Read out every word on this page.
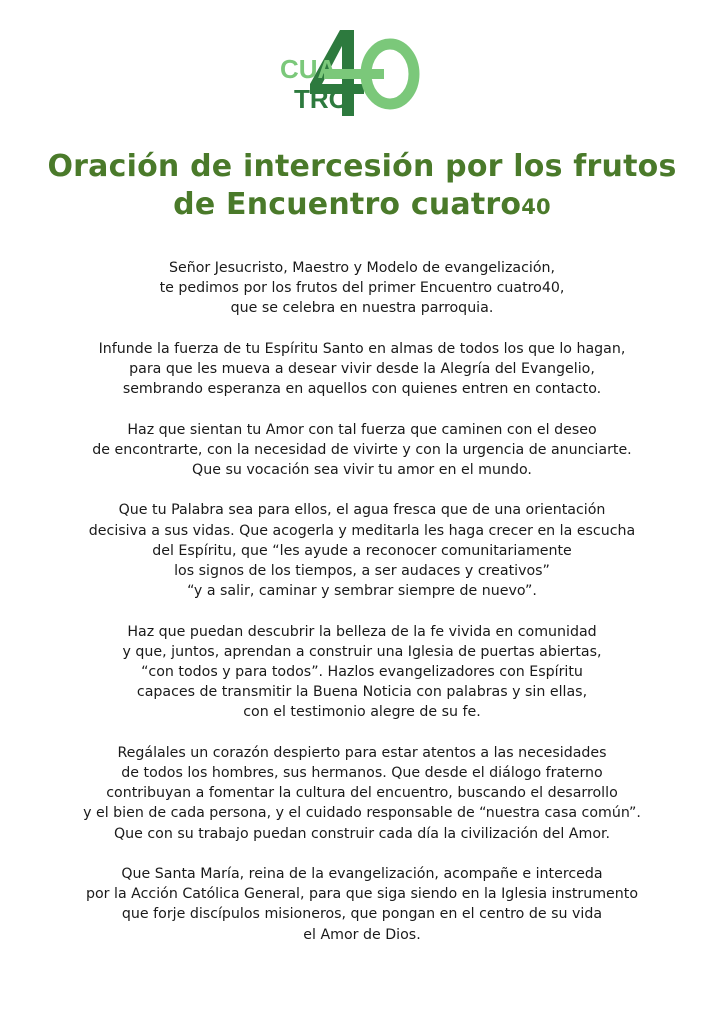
CUA
TRO
Oración de intercesión por los frutos
de Encuentro cuatro40
Señor Jesucristo, Maestro y Modelo de evangelización,
te pedimos por los frutos del primer Encuentro cuatro40,
que se celebra en nuestra parroquia.
Infunde la fuerza de tu Espíritu Santo en almas de todos los que lo hagan,
para que les mueva a desear vivir desde la Alegría del Evangelio,
sembrando esperanza en aquellos con quienes entren en contacto.
Haz que sientan tu Amor con tal fuerza que caminen con el deseo
de encontrarte, con la necesidad de vivirte y con la urgencia de anunciarte.
Que su vocación sea vivir tu amor en el mundo.
Que tu Palabra sea para ellos, el agua fresca que de una orientación
decisiva a sus vidas. Que acogerla y meditarla les haga crecer en la escucha
del Espíritu, que “les ayude a reconocer comunitariamente
los signos de los tiempos, a ser audaces y creativos”
“y a salir, caminar y sembrar siempre de nuevo”.
Haz que puedan descubrir la belleza de la fe vivida en comunidad
y que, juntos, aprendan a construir una Iglesia de puertas abiertas,
“con todos y para todos”. Hazlos evangelizadores con Espíritu
capaces de transmitir la Buena Noticia con palabras y sin ellas,
con el testimonio alegre de su fe.
Regálales un corazón despierto para estar atentos a las necesidades
de todos los hombres, sus hermanos. Que desde el diálogo fraterno
contribuyan a fomentar la cultura del encuentro, buscando el desarrollo
y el bien de cada persona, y el cuidado responsable de “nuestra casa común”.
Que con su trabajo puedan construir cada día la civilización del Amor.
Que Santa María, reina de la evangelización, acompañe e interceda
por la Acción Católica General, para que siga siendo en la Iglesia instrumento
que forje discípulos misioneros, que pongan en el centro de su vida
el Amor de Dios.
